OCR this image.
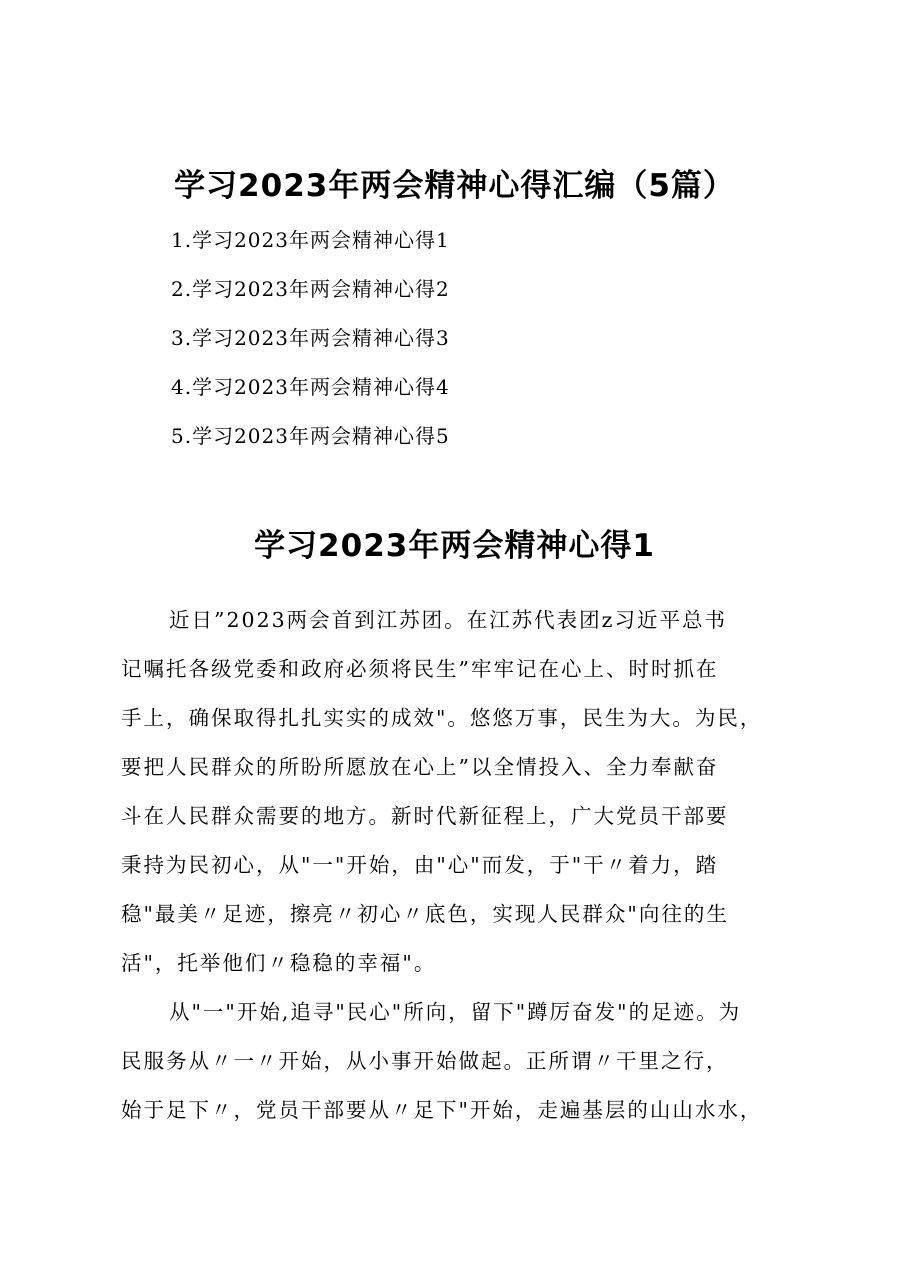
学习2023年两会精神心得汇编（5篇）
1.学习2023年两会精神心得1
2.学习2023年两会精神心得2
3.学习2023年两会精神心得3
4.学习2023年两会精神心得4
5.学习2023年两会精神心得5
学习2023年两会精神心得1
近日”2023两会首到江苏团。在江苏代表团z习近平总书
记嘱托各级党委和政府必须将民生”牢牢记在心上、时时抓在
手上，确保取得扎扎实实的成效"。悠悠万事，民生为大。为民，
要把人民群众的所盼所愿放在心上”以全情投入、全力奉献奋
斗在人民群众需要的地方。新时代新征程上，广大党员干部要
秉持为民初心，从"一"开始，由"心"而发，于"干〃着力，踏
稳"最美〃足迹，擦亮〃初心〃底色，实现人民群众"向往的生
活"，托举他们〃稳稳的幸福"。
从"一"开始,追寻"民心"所向，留下"蹲厉奋发"的足迹。为
民服务从〃一〃开始，从小事开始做起。正所谓〃干里之行，
始于足下〃，党员干部要从〃足下"开始，走遍基层的山山水水，
